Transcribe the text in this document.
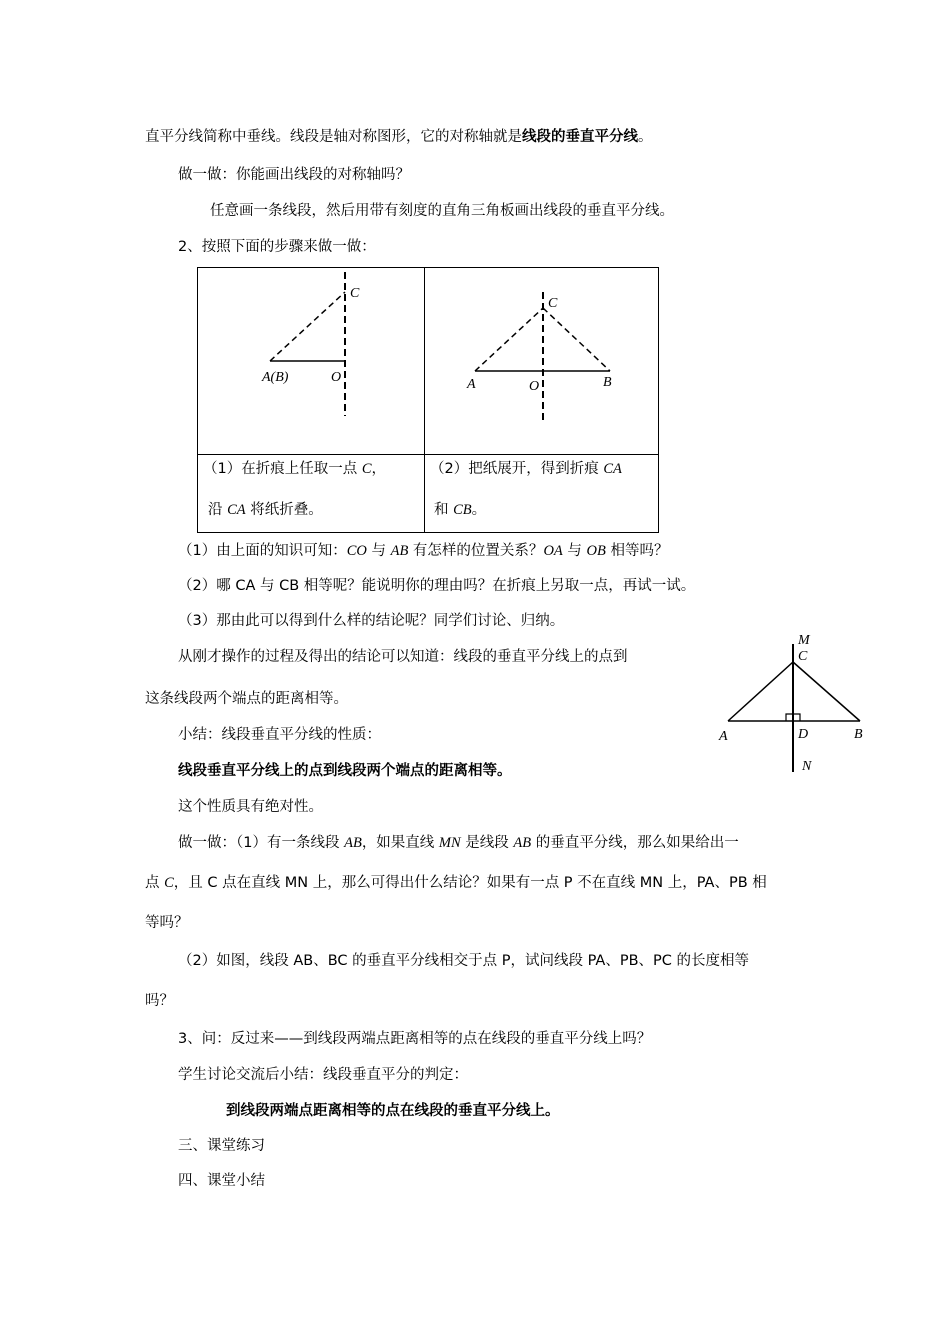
直平分线简称中垂线。线段是轴对称图形，它的对称轴就是线段的垂直平分线。
做一做：你能画出线段的对称轴吗？
任意画一条线段，然后用带有刻度的直角三角板画出线段的垂直平分线。
2、按照下面的步骤来做一做：
C
A(B)	O
C
A	O	B
（1）在折痕上任取一点 C，
沿 CA 将纸折叠。
（2）把纸展开，得到折痕 CA
和 CB。
（1）由上面的知识可知：CO 与 AB 有怎样的位置关系？OA 与 OB 相等吗？
（2）哪 CA 与 CB 相等呢？能说明你的理由吗？在折痕上另取一点，再试一试。
（3）那由此可以得到什么样的结论呢？同学们讨论、归纳。
从刚才操作的过程及得出的结论可以知道：线段的垂直平分线上的点到
这条线段两个端点的距离相等。
小结：线段垂直平分线的性质：
线段垂直平分线上的点到线段两个端点的距离相等。
这个性质具有绝对性。
M
C
A	D	B
N
做一做：（1）有一条线段 AB，如果直线 MN 是线段 AB 的垂直平分线，那么如果给出一
点 C，且 C 点在直线 MN 上，那么可得出什么结论？如果有一点 P 不在直线 MN 上，PA、PB 相
等吗？
（2）如图，线段 AB、BC 的垂直平分线相交于点 P，试问线段 PA、PB、PC 的长度相等
吗？
3、问：反过来——到线段两端点距离相等的点在线段的垂直平分线上吗？
学生讨论交流后小结：线段垂直平分的判定：
到线段两端点距离相等的点在线段的垂直平分线上。
三、课堂练习
四、课堂小结
